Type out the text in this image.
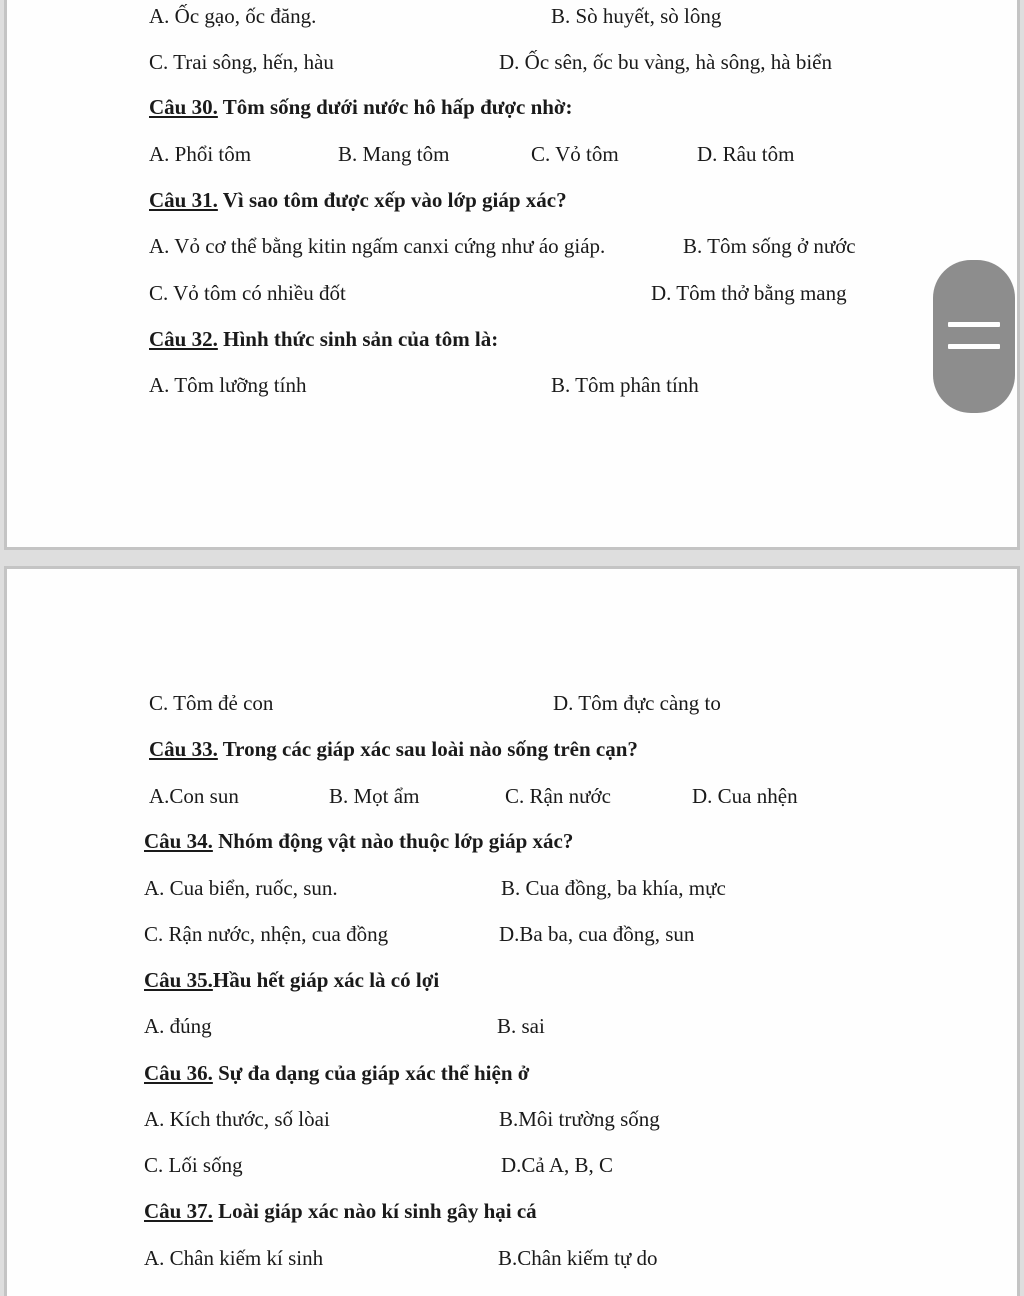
A. Ốc gạo, ốc đăng.	B. Sò huyết, sò lông
C. Trai sông, hến, hàu	D. Ốc sên, ốc bu vàng, hà sông, hà biển
Câu 30. Tôm sống dưới nước hô hấp được nhờ:
A. Phổi tôm	B. Mang tôm	C. Vỏ tôm	D. Râu tôm
Câu 31. Vì sao tôm được xếp vào lớp giáp xác?
A. Vỏ cơ thể bằng kitin ngấm canxi cứng như áo giáp.	B. Tôm sống ở nước
C. Vỏ tôm có nhiều đốt	D. Tôm thở bằng mang
Câu 32. Hình thức sinh sản của tôm là:
A. Tôm lưỡng tính	B. Tôm phân tính
C. Tôm đẻ con	D. Tôm đực càng to
Câu 33. Trong các giáp xác sau loài nào sống trên cạn?
A.Con sun	B. Mọt ẩm	C. Rận nước	D. Cua nhện
Câu 34. Nhóm động vật nào thuộc lớp giáp xác?
A. Cua biển, ruốc, sun.	B. Cua đồng, ba khía, mực
C. Rận nước, nhện, cua đồng	D.Ba ba, cua đồng, sun
Câu 35.Hầu hết giáp xác là có lợi
A. đúng	B. sai
Câu 36. Sự đa dạng của giáp xác thể hiện ở
A. Kích thước, số lòai	B.Môi trường sống
C. Lối sống	D.Cả A, B, C
Câu 37. Loài giáp xác nào kí sinh gây hại cá
A. Chân kiếm kí sinh	B.Chân kiếm tự do
